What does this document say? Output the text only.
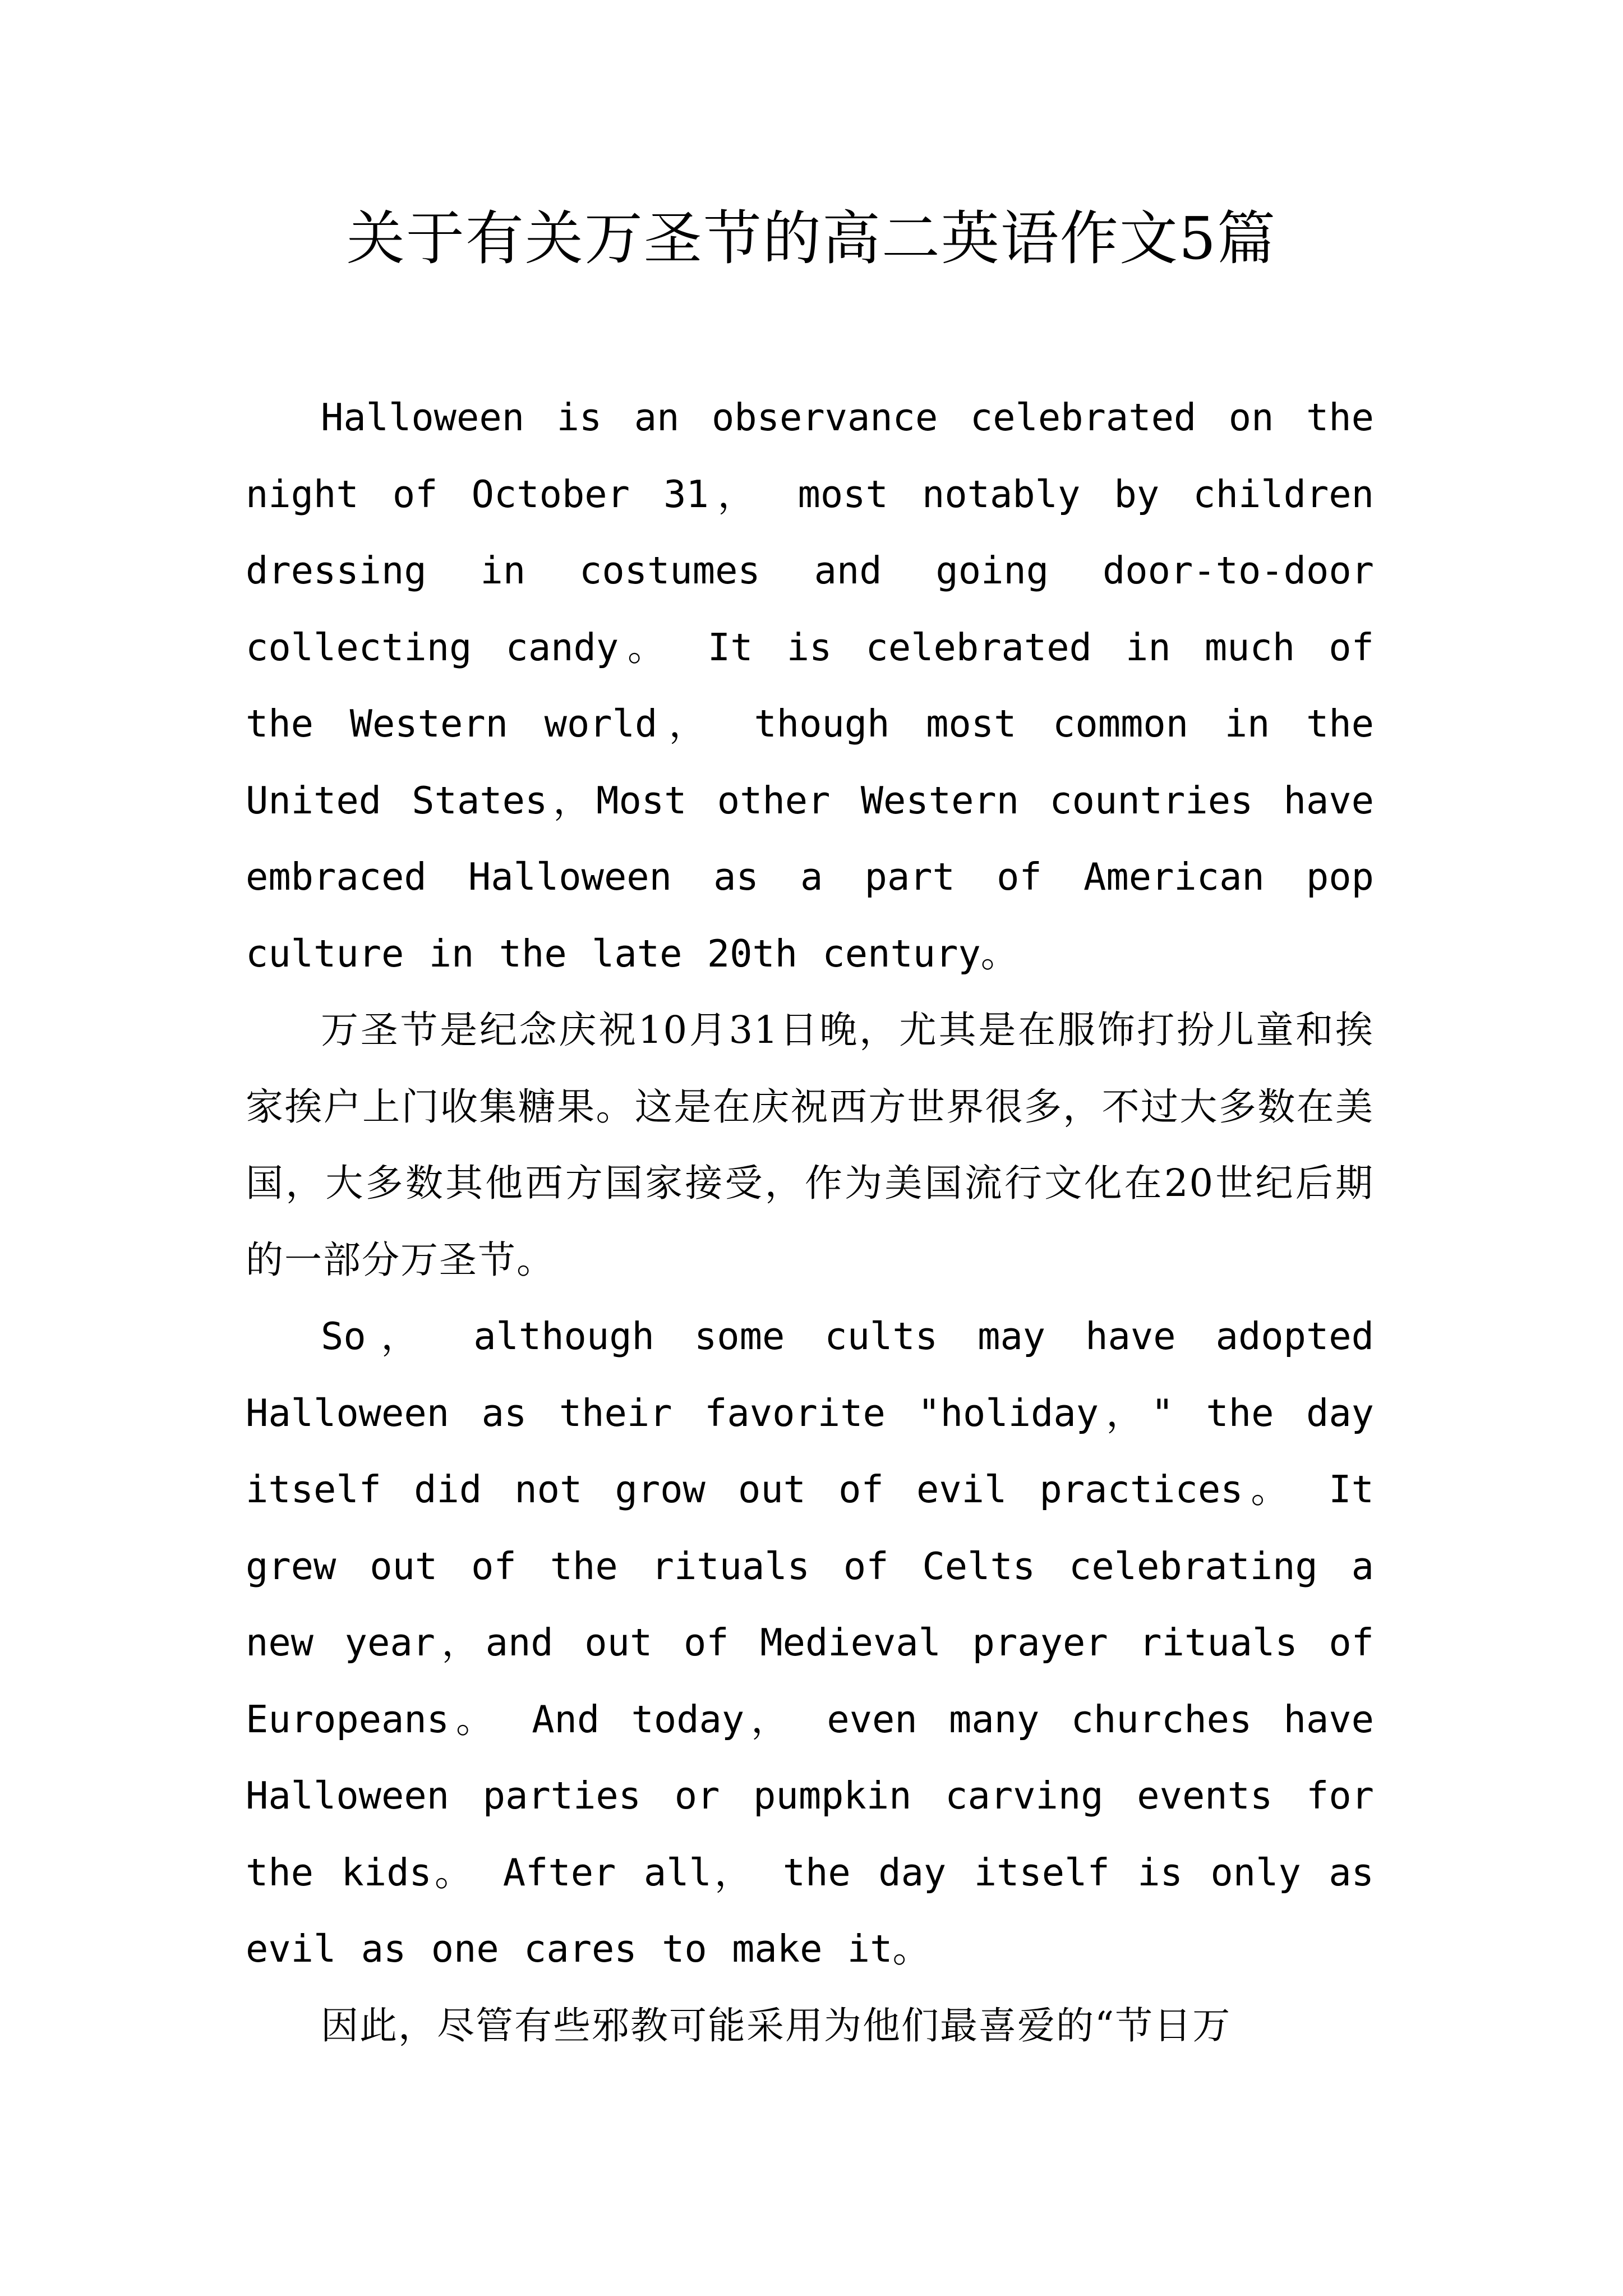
关于有关万圣节的高二英语作文5篇

Halloween is an observance celebrated on the night of October 31， most notably by children dressing in costumes and going door-to-door collecting candy。 It is celebrated in much of the Western world， though most common in the United States，Most other Western countries have embraced Halloween as a part of American pop culture in the late 20th century。

万圣节是纪念庆祝10月31日晚，尤其是在服饰打扮儿童和挨家挨户上门收集糖果。这是在庆祝西方世界很多，不过大多数在美国，大多数其他西方国家接受，作为美国流行文化在20世纪后期的一部分万圣节。

So， although some cults may have adopted Halloween as their favorite "holiday，" the day itself did not grow out of evil practices。 It grew out of the rituals of Celts celebrating a new year，and out of Medieval prayer rituals of Europeans。 And today， even many churches have Halloween parties or pumpkin carving events for the kids。 After all， the day itself is only as evil as one cares to make it。

因此，尽管有些邪教可能采用为他们最喜爱的“节日万
